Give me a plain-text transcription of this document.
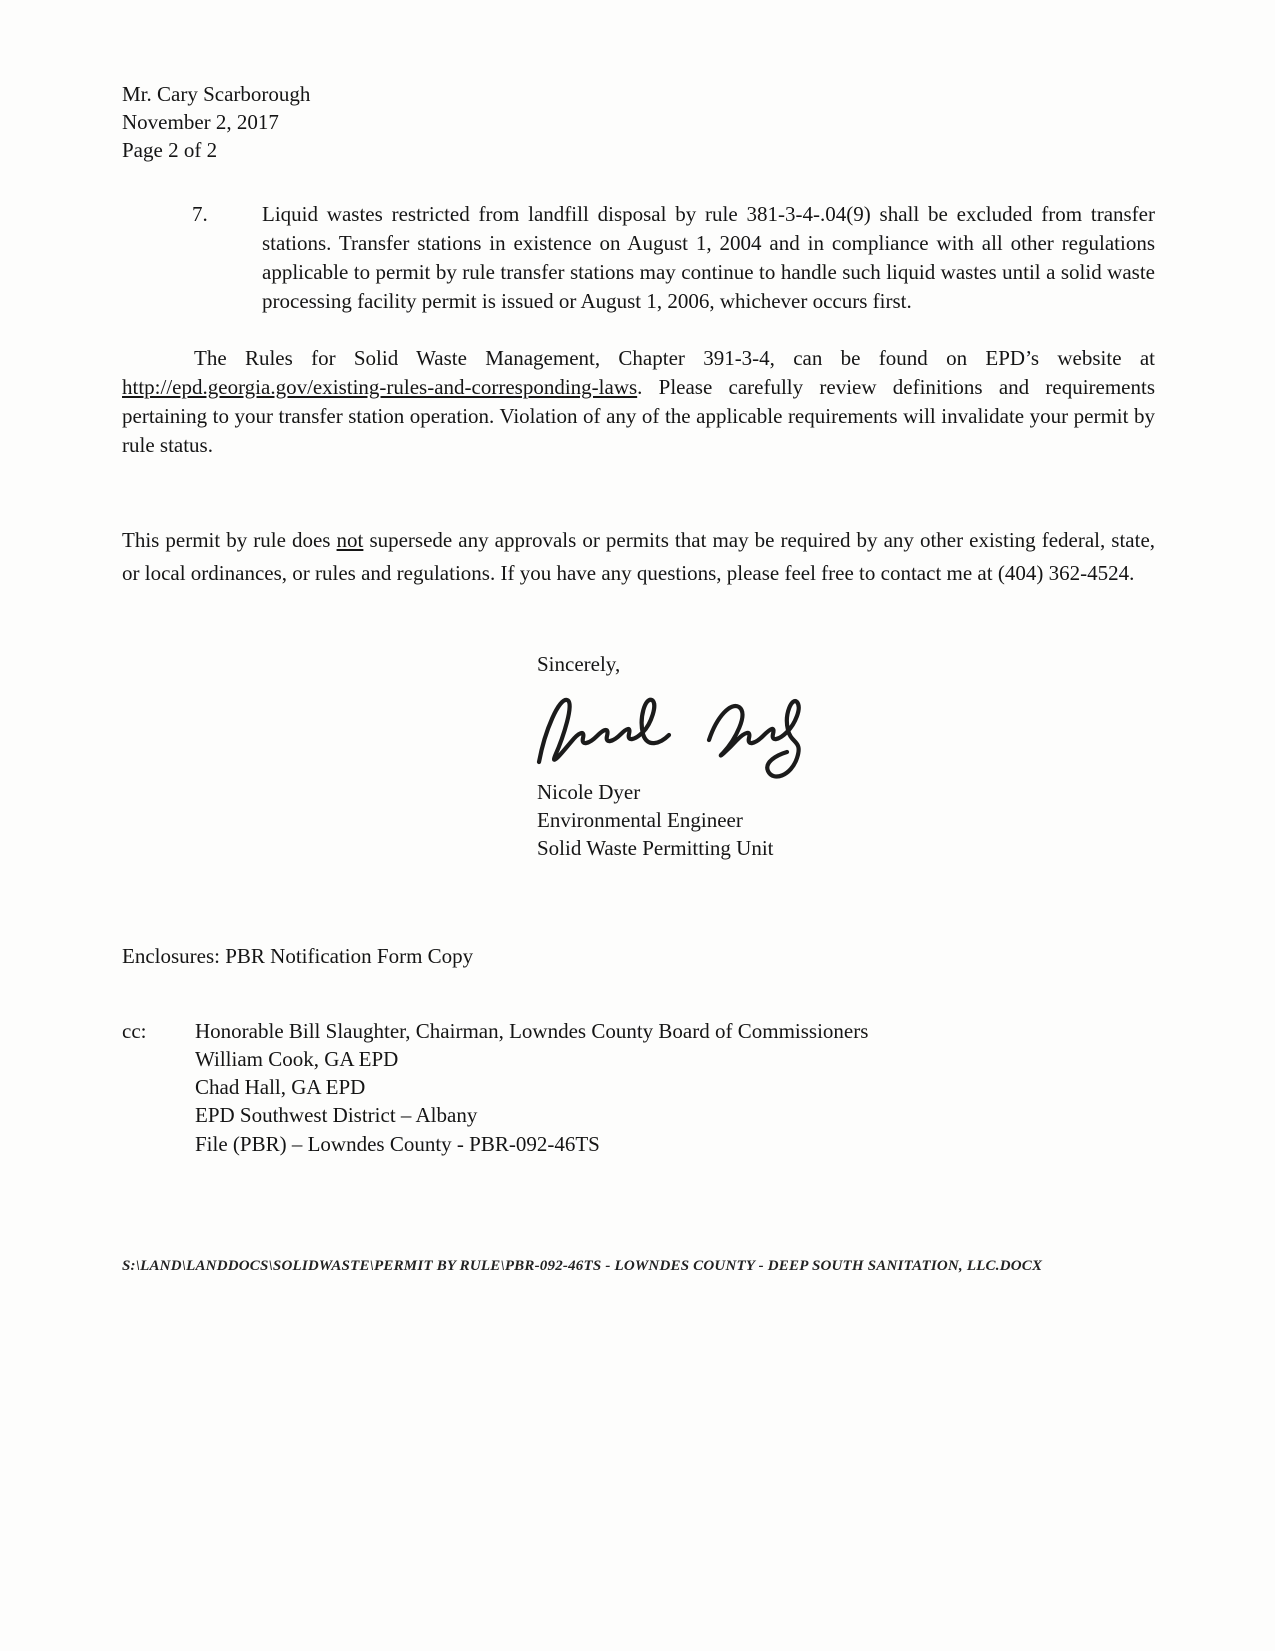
Mr. Cary Scarborough
November 2, 2017
Page 2 of 2
7.	Liquid wastes restricted from landfill disposal by rule 381-3-4-.04(9) shall be excluded from transfer stations. Transfer stations in existence on August 1, 2004 and in compliance with all other regulations applicable to permit by rule transfer stations may continue to handle such liquid wastes until a solid waste processing facility permit is issued or August 1, 2006, whichever occurs first.
The Rules for Solid Waste Management, Chapter 391-3-4, can be found on EPD’s website at http://epd.georgia.gov/existing-rules-and-corresponding-laws. Please carefully review definitions and requirements pertaining to your transfer station operation. Violation of any of the applicable requirements will invalidate your permit by rule status.
This permit by rule does not supersede any approvals or permits that may be required by any other existing federal, state, or local ordinances, or rules and regulations. If you have any questions, please feel free to contact me at (404) 362-4524.
Sincerely,
Nicole Dyer
Environmental Engineer
Solid Waste Permitting Unit
Enclosures: PBR Notification Form Copy
cc:	Honorable Bill Slaughter, Chairman, Lowndes County Board of Commissioners
William Cook, GA EPD
Chad Hall, GA EPD
EPD Southwest District – Albany
File (PBR) – Lowndes County - PBR-092-46TS
S:\LAND\LANDDOCS\SOLIDWASTE\PERMIT BY RULE\PBR-092-46TS - LOWNDES COUNTY - DEEP SOUTH SANITATION, LLC.DOCX
